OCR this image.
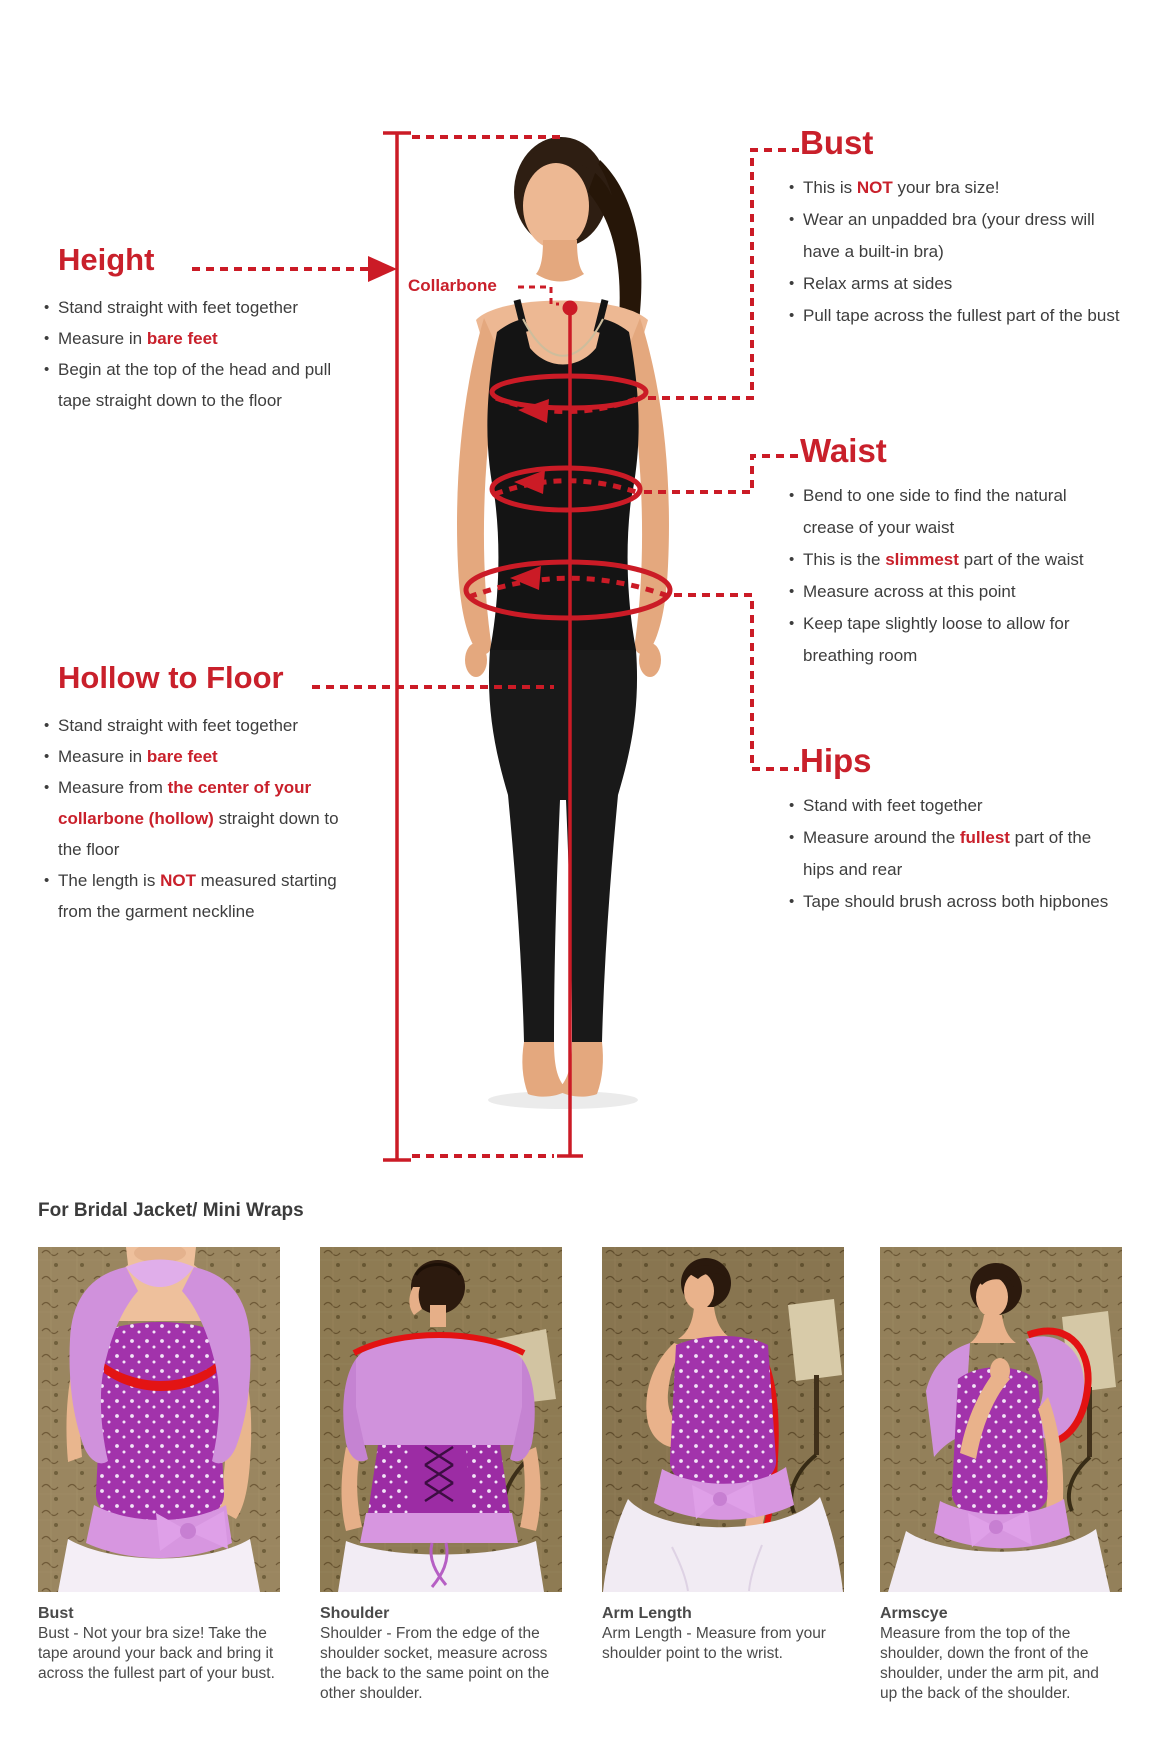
Height
• Stand straight with feet together
• Measure in bare feet
• Begin at the top of the head and pull tape straight down to the floor
Collarbone
Hollow to Floor
• Stand straight with feet together
• Measure in bare feet
• Measure from the center of your collarbone (hollow) straight down to the floor
• The length is NOT measured starting from the garment neckline
Bust
• This is NOT your bra size!
• Wear an unpadded bra (your dress will have a built-in bra)
• Relax arms at sides
• Pull tape across the fullest part of the bust
Waist
• Bend to one side to find the natural crease of your waist
• This is the slimmest part of the waist
• Measure across at this point
• Keep tape slightly loose to allow for breathing room
Hips
• Stand with feet together
• Measure around the fullest part of the hips and rear
• Tape should brush across both hipbones
For Bridal Jacket/ Mini Wraps
Bust

Bust - Not your bra size! Take the tape around your back and bring it across the fullest part of your bust.

Shoulder

Shoulder - From the edge of the shoulder socket, measure across the back to the same point on the other shoulder.

Arm Length

Arm Length - Measure from your shoulder point to the wrist.

Armscye

Measure from the top of the shoulder, down the front of the shoulder, under the arm pit, and up the back of the shoulder.
